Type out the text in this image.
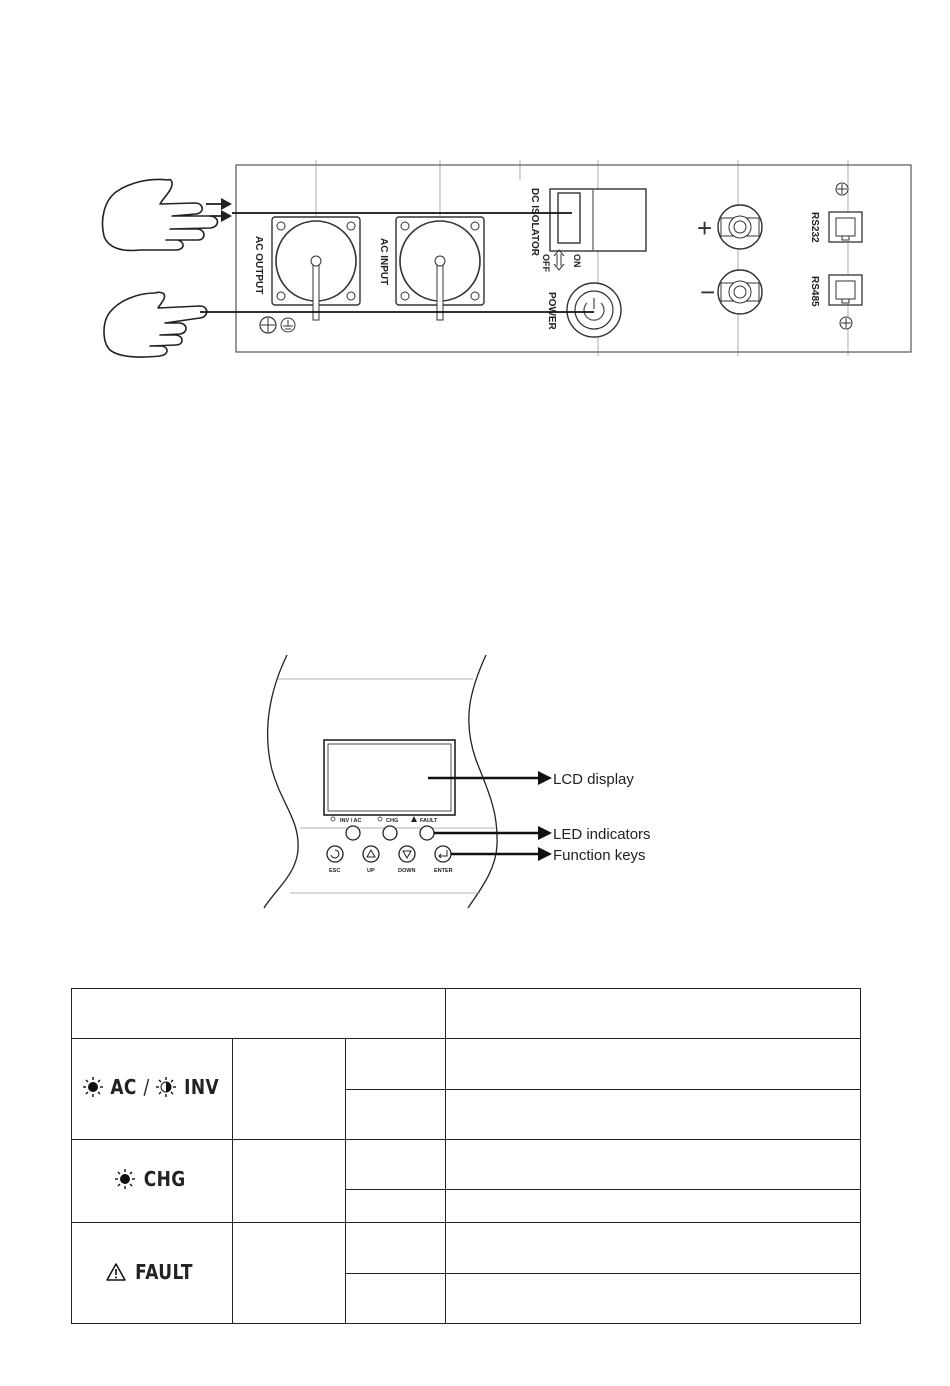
AC OUTPUT	AC INPUT
DC ISOLATOR
ON
OFF
POWER
+
−
RS232
RS485
INV / AC	CHG	FAULT
ESC	UP	DOWN	ENTER
LCD display
LED indicators
Function keys

AC / INV			

CHG			

FAULT			
